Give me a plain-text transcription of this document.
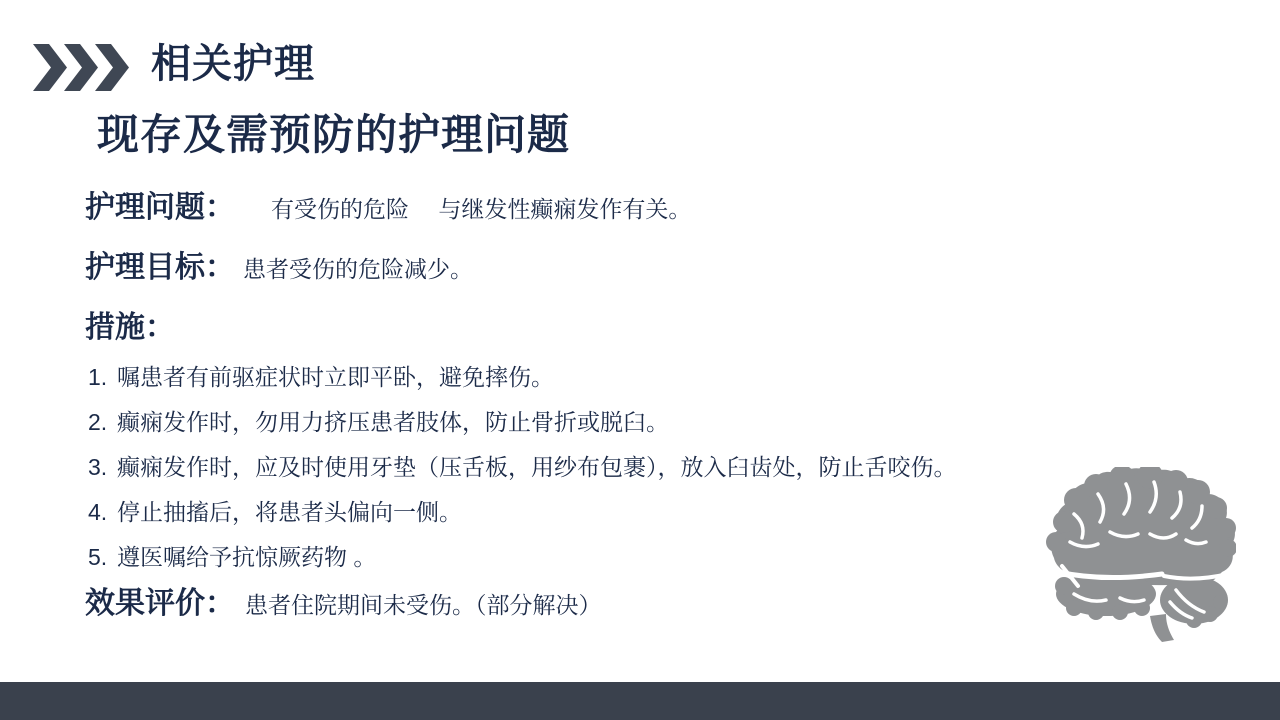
相关护理
现存及需预防的护理问题
护理问题： 有受伤的危险　 与继发性癫痫发作有关。
护理目标： 患者受伤的危险减少。
措施：
1. 嘱患者有前驱症状时立即平卧，避免摔伤。
2. 癫痫发作时，勿用力挤压患者肢体，防止骨折或脱臼。
3. 癫痫发作时，应及时使用牙垫（压舌板，用纱布包裹），放入臼齿处，防止舌咬伤。
4. 停止抽搐后，将患者头偏向一侧。
5. 遵医嘱给予抗惊厥药物 。
效果评价： 患者住院期间未受伤。（部分解决）
